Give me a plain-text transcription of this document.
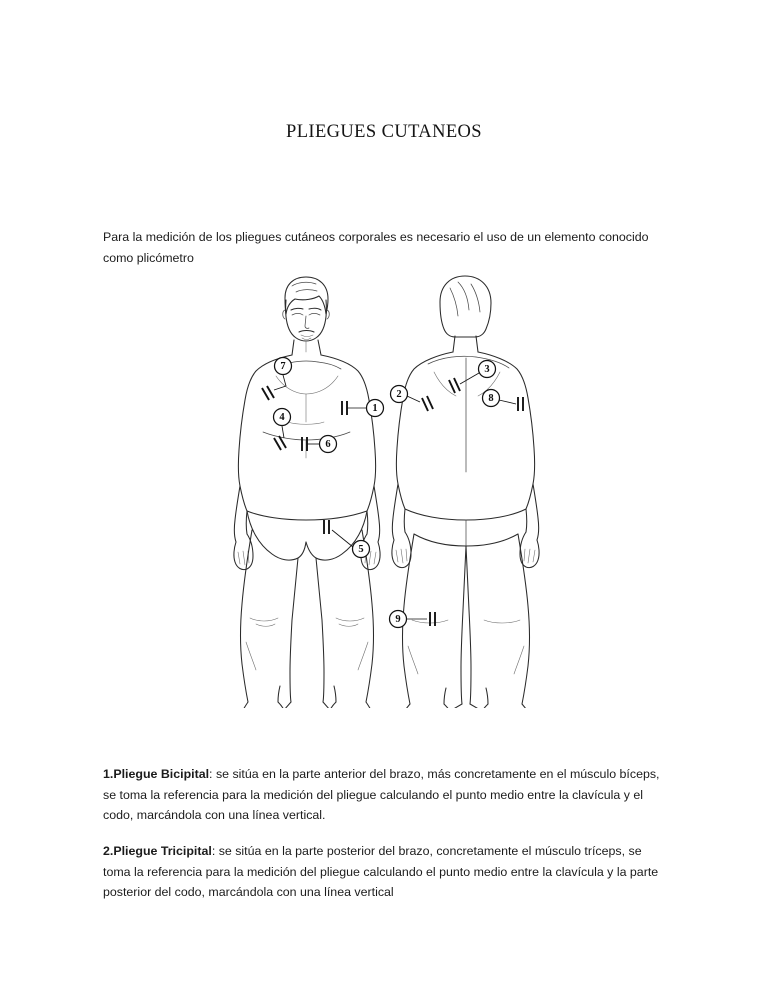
PLIEGUES CUTANEOS
Para la medición de los pliegues cutáneos corporales es necesario el uso de un elemento conocido como plicómetro
7
4
6
1
5
2
3
8
9

1.Pliegue Bicipital: se sitúa en la parte anterior del brazo, más concretamente en el músculo bíceps, se toma la referencia para la medición del pliegue calculando el punto medio entre la clavícula y el codo, marcándola con una línea vertical.

2.Pliegue Tricipital: se sitúa en la parte posterior del brazo, concretamente el músculo tríceps, se toma la referencia para la medición del pliegue calculando el punto medio entre la clavícula y la parte posterior del codo, marcándola con una línea vertical
